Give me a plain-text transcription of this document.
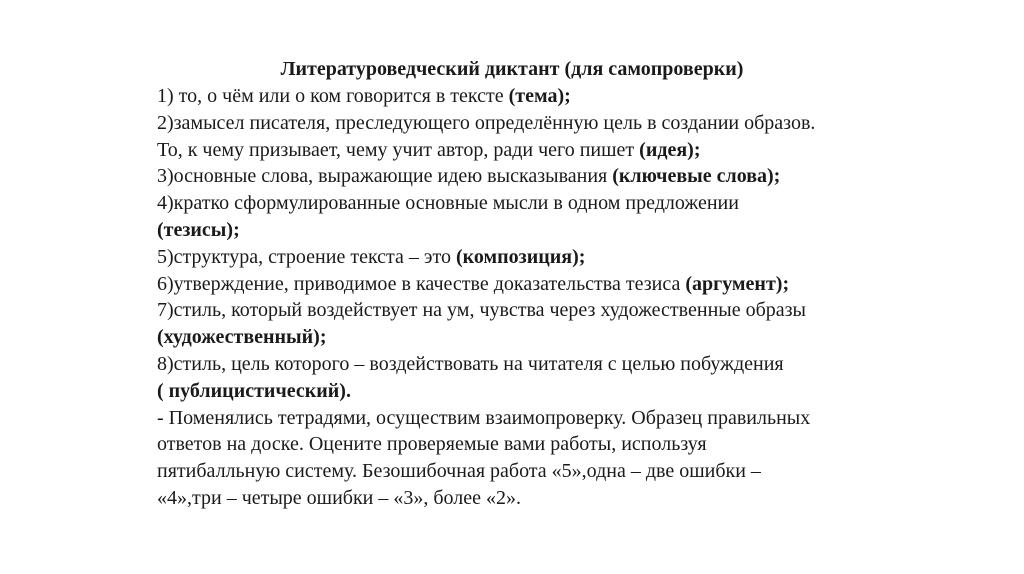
Литературоведческий диктант (для самопроверки)
1) то, о чём или о ком говорится в тексте (тема);
2)замысел писателя, преследующего определённую цель в создании образов.
То, к чему призывает, чему учит автор, ради чего пишет (идея);
3)основные слова, выражающие идею высказывания (ключевые слова);
4)кратко сформулированные основные мысли в одном предложении
(тезисы);
5)структура, строение текста – это (композиция);
6)утверждение, приводимое в качестве доказательства тезиса (аргумент);
7)стиль, который воздействует на ум, чувства через художественные образы
(художественный);
8)стиль, цель которого – воздействовать на читателя с целью побуждения
( публицистический).
- Поменялись тетрадями, осуществим взаимопроверку. Образец правильных
ответов на доске. Оцените проверяемые вами работы, используя
пятибалльную систему. Безошибочная работа «5»,одна – две ошибки –
«4»,три – четыре ошибки – «3», более «2».
